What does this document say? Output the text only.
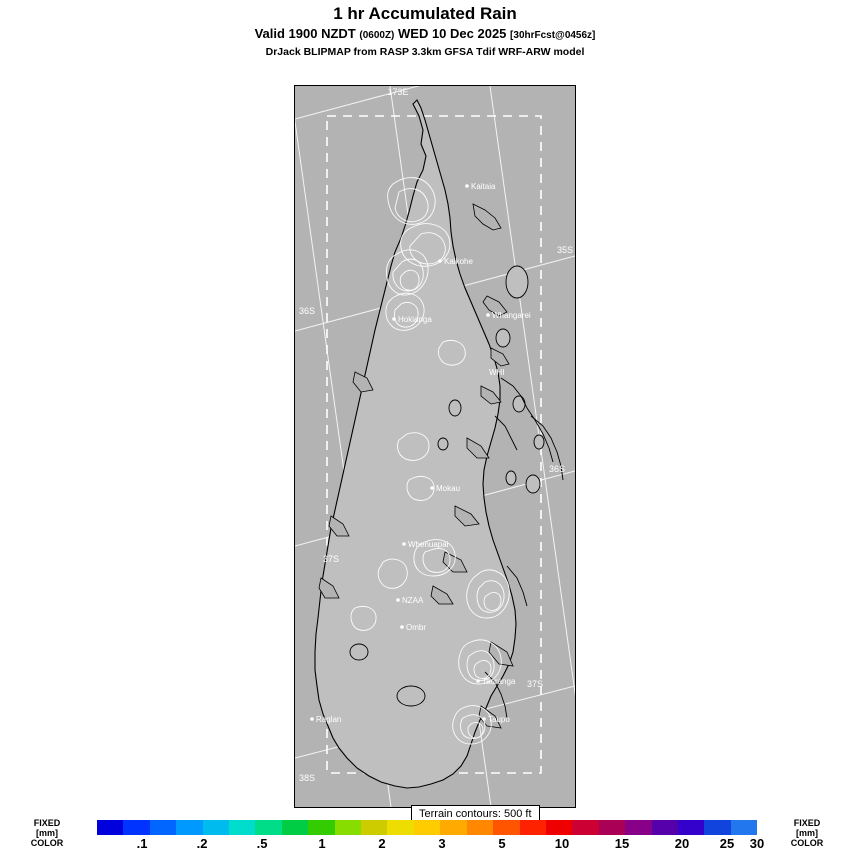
1 hr Accumulated Rain
Valid 1900 NZDT (0600Z) WED 10 Dec 2025 [30hrFcst@0456z]
DrJack BLIPMAP from RASP 3.3km GFSA Tdif WRF-ARW model
Kaitaia
Kaikohe
Whangarei
Hokianga
WHI
Mokau
Whenuapai
NZAA
Ombr
Tauranga
Taupo
Raglan
173E
35S
36S
36S
37S
37S
38S
Terrain contours: 500 ft
FIXED
[mm]
COLOR
FIXED
[mm]
COLOR
.1	.2	.5	1	2	3	5	10	15	20 25 30
